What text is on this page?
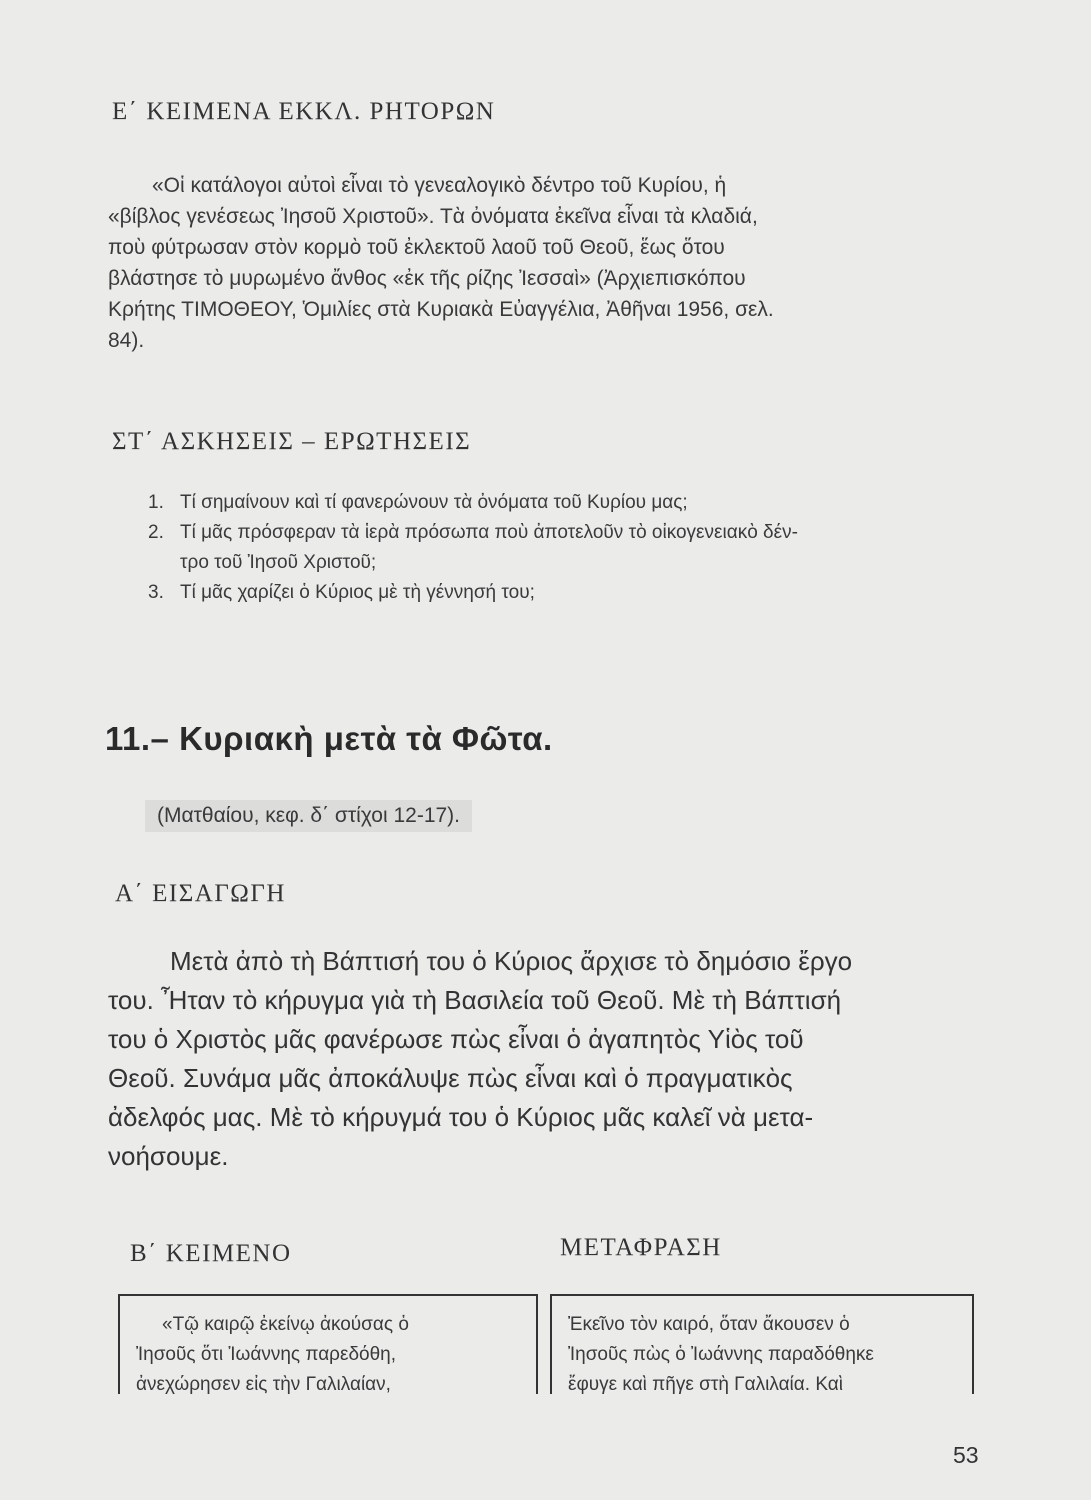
Ε΄ ΚΕΙΜΕΝΑ ΕΚΚΛ. ΡΗΤΟΡΩΝ
«Οἱ κατάλογοι αὐτοὶ εἶναι τὸ γενεαλογικὸ δέντρο τοῦ Κυρίου, ἡ
«βίβλος γενέσεως Ἰησοῦ Χριστοῦ». Τὰ ὀνόματα ἐκεῖνα εἶναι τὰ κλαδιά,
ποὺ φύτρωσαν στὸν κορμὸ τοῦ ἐκλεκτοῦ λαοῦ τοῦ Θεοῦ, ἕως ὅτου
βλάστησε τὸ μυρωμένο ἄνθος «ἐκ τῆς ρίζης Ἰεσσαὶ» (Ἀρχιεπισκόπου
Κρήτης ΤΙΜΟΘΕΟΥ, Ὁμιλίες στὰ Κυριακὰ Εὐαγγέλια, Ἀθῆναι 1956, σελ.
84).
ΣΤ΄ ΑΣΚΗΣΕΙΣ – ΕΡΩΤΗΣΕΙΣ
1. Τί σημαίνουν καὶ τί φανερώνουν τὰ ὀνόματα τοῦ Κυρίου μας;
2. Τί μᾶς πρόσφεραν τὰ ἱερὰ πρόσωπα ποὺ ἀποτελοῦν τὸ οἰκογενειακὸ δέν-
τρο τοῦ Ἰησοῦ Χριστοῦ;
3. Τί μᾶς χαρίζει ὁ Κύριος μὲ τὴ γέννησή του;
11.– Κυριακὴ μετὰ τὰ Φῶτα.
(Ματθαίου, κεφ. δ΄ στίχοι 12-17).
Α΄ ΕΙΣΑΓΩΓΗ
Μετὰ ἀπὸ τὴ Βάπτισή του ὁ Κύριος ἄρχισε τὸ δημόσιο ἔργο
του. Ἦταν τὸ κήρυγμα γιὰ τὴ Βασιλεία τοῦ Θεοῦ. Μὲ τὴ Βάπτισή
του ὁ Χριστὸς μᾶς φανέρωσε πὼς εἶναι ὁ ἀγαπητὸς Υἱὸς τοῦ
Θεοῦ. Συνάμα μᾶς ἀποκάλυψε πὼς εἶναι καὶ ὁ πραγματικὸς
ἀδελφός μας. Μὲ τὸ κήρυγμά του ὁ Κύριος μᾶς καλεῖ νὰ μετα-
νοήσουμε.
Β΄ ΚΕΙΜΕΝΟ	ΜΕΤΑΦΡΑΣΗ
«Τῷ καιρῷ ἐκείνῳ ἀκούσας ὁ
Ἰησοῦς ὅτι Ἰωάννης παρεδόθη,
ἀνεχώρησεν εἰς τὴν Γαλιλαίαν,
Ἐκεῖνο τὸν καιρό, ὅταν ἄκουσεν ὁ
Ἰησοῦς πὼς ὁ Ἰωάννης παραδόθηκε
ἔφυγε καὶ πῆγε στὴ Γαλιλαία. Καὶ
53
